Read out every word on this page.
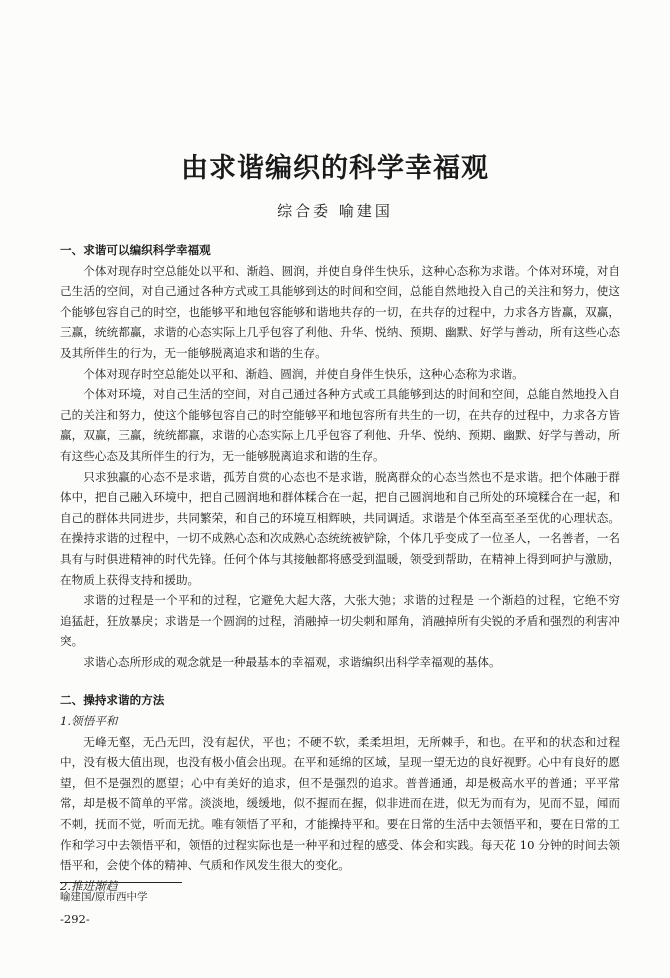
由求谐编织的科学幸福观
综合委 喻建国
一、求谐可以编织科学幸福观

个体对现存时空总能处以平和、渐趋、圆润，并使自身伴生快乐，这种心态称为求谐。个体对环境，对自己生活的空间，对自己通过各种方式或工具能够到达的时间和空间，总能自然地投入自己的关注和努力，使这个能够包容自己的时空，也能够平和地包容能够和谐地共存的一切，在共存的过程中，力求各方皆赢，双赢，三赢，统统都赢，求谐的心态实际上几乎包容了利他、升华、悦纳、预期、幽默、好学与善动，所有这些心态及其所伴生的行为，无一能够脱离追求和谐的生存。

个体对现存时空总能处以平和、渐趋、圆润，并使自身伴生快乐，这种心态称为求谐。

个体对环境，对自己生活的空间，对自己通过各种方式或工具能够到达的时间和空间，总能自然地投入自己的关注和努力，使这个能够包容自己的时空能够平和地包容所有共生的一切，在共存的过程中，力求各方皆赢，双赢，三赢，统统都赢，求谐的心态实际上几乎包容了利他、升华、悦纳、预期、幽默、好学与善动，所有这些心态及其所伴生的行为，无一能够脱离追求和谐的生存。

只求独赢的心态不是求谐，孤芳自赏的心态也不是求谐，脱离群众的心态当然也不是求谐。把个体融于群体中，把自己融入环境中，把自己圆润地和群体糅合在一起，把自己圆润地和自己所处的环境糅合在一起，和自己的群体共同进步，共同繁荣，和自己的环境互相辉映，共同调适。求谐是个体至高至圣至优的心理状态。在操持求谐的过程中，一切不成熟心态和次成熟心态统统被铲除，个体几乎变成了一位圣人，一名善者，一名具有与时俱进精神的时代先锋。任何个体与其接触都将感受到温暖，领受到帮助，在精神上得到呵护与激励，在物质上获得支持和援助。

求谐的过程是一个平和的过程，它避免大起大落，大张大弛；求谐的过程是 一个渐趋的过程，它绝不穷追猛赶，狂放暴戾；求谐是一个圆润的过程，消融掉一切尖刺和犀角，消融掉所有尖锐的矛盾和强烈的利害冲突。

求谐心态所形成的观念就是一种最基本的幸福观，求谐编织出科学幸福观的基体。

二、操持求谐的方法
1.领悟平和

无峰无壑，无凸无凹，没有起伏，平也；不硬不软，柔柔坦坦，无所棘手，和也。在平和的状态和过程中，没有极大值出现，也没有极小值会出现。在平和延绵的区域，呈现一望无边的良好视野。心中有良好的愿望，但不是强烈的愿望；心中有美好的追求，但不是强烈的追求。普普通通，却是极高水平的普通；平平常常，却是极不简单的平常。淡淡地，缓缓地，似不握而在握，似非进而在进，似无为而有为，见而不显，闻而不刺，抚而不觉，听而无扰。唯有领悟了平和，才能操持平和。要在日常的生活中去领悟平和，要在日常的工作和学习中去领悟平和，领悟的过程实际也是一种平和过程的感受、体会和实践。每天花 10 分钟的时间去领悟平和，会使个体的精神、气质和作风发生很大的变化。

2.推进渐趋
喻建国/原市西中学
-292-
